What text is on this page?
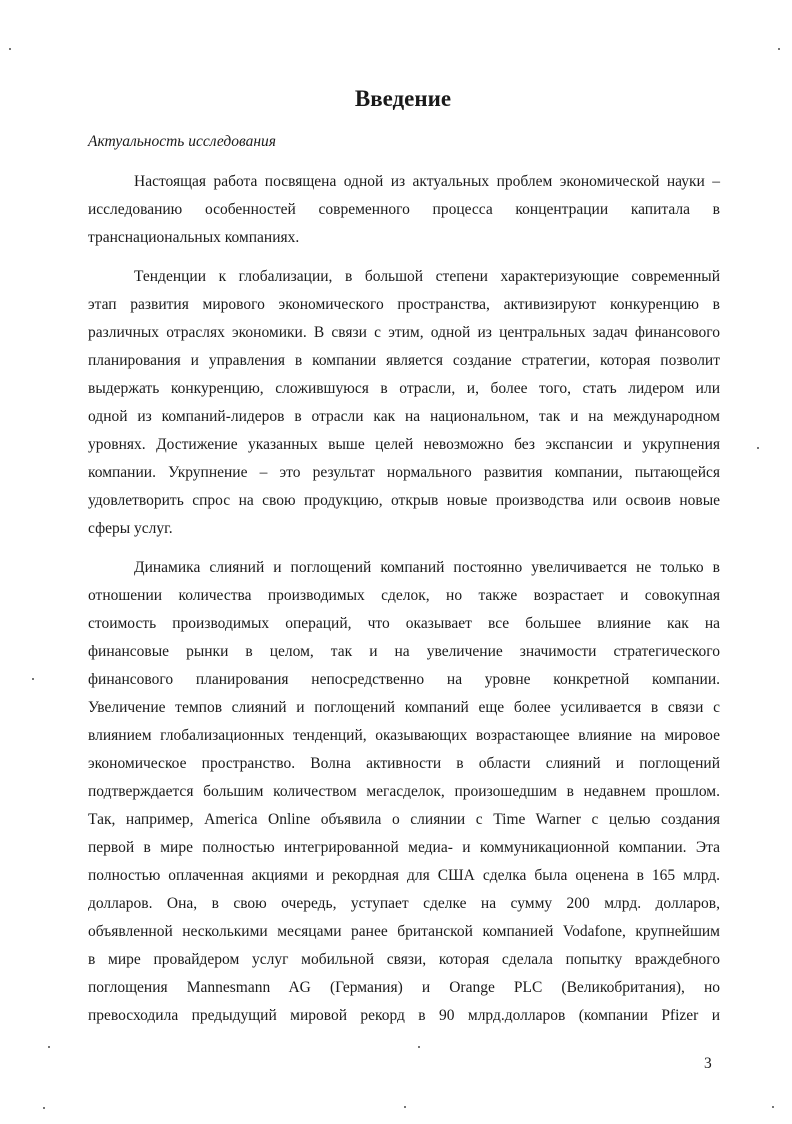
Введение

Актуальность исследования

Настоящая работа посвящена одной из актуальных проблем экономической науки –
исследованию особенностей современного процесса концентрации капитала в
транснациональных компаниях.
Тенденции к глобализации, в большой степени характеризующие современный
этап развития мирового экономического пространства, активизируют конкуренцию в
различных отраслях экономики. В связи с этим, одной из центральных задач финансового
планирования и управления в компании является создание стратегии, которая позволит
выдержать конкуренцию, сложившуюся в отрасли, и, более того, стать лидером или
одной из компаний-лидеров в отрасли как на национальном, так и на международном
уровнях. Достижение указанных выше целей невозможно без экспансии и укрупнения
компании. Укрупнение – это результат нормального развития компании, пытающейся
удовлетворить спрос на свою продукцию, открыв новые производства или освоив новые
сферы услуг.
Динамика слияний и поглощений компаний постоянно увеличивается не только в
отношении количества производимых сделок, но также возрастает и совокупная
стоимость производимых операций, что оказывает все большее влияние как на
финансовые рынки в целом, так и на увеличение значимости стратегического
финансового планирования непосредственно на уровне конкретной компании.
Увеличение темпов слияний и поглощений компаний еще более усиливается в связи с
влиянием глобализационных тенденций, оказывающих возрастающее влияние на мировое
экономическое пространство. Волна активности в области слияний и поглощений
подтверждается большим количеством мегасделок, произошедшим в недавнем прошлом.
Так, например, America Online объявила о слиянии с Time Warner с целью создания
первой в мире полностью интегрированной медиа- и коммуникационной компании. Эта
полностью оплаченная акциями и рекордная для США сделка была оценена в 165 млрд.
долларов. Она, в свою очередь, уступает сделке на сумму 200 млрд. долларов,
объявленной несколькими месяцами ранее британской компанией Vodafone, крупнейшим
в мире провайдером услуг мобильной связи, которая сделала попытку враждебного
поглощения Mannesmann AG (Германия) и Orange PLC (Великобритания), но
превосходила предыдущий мировой рекорд в 90 млрд.долларов (компании Pfizer и
3
